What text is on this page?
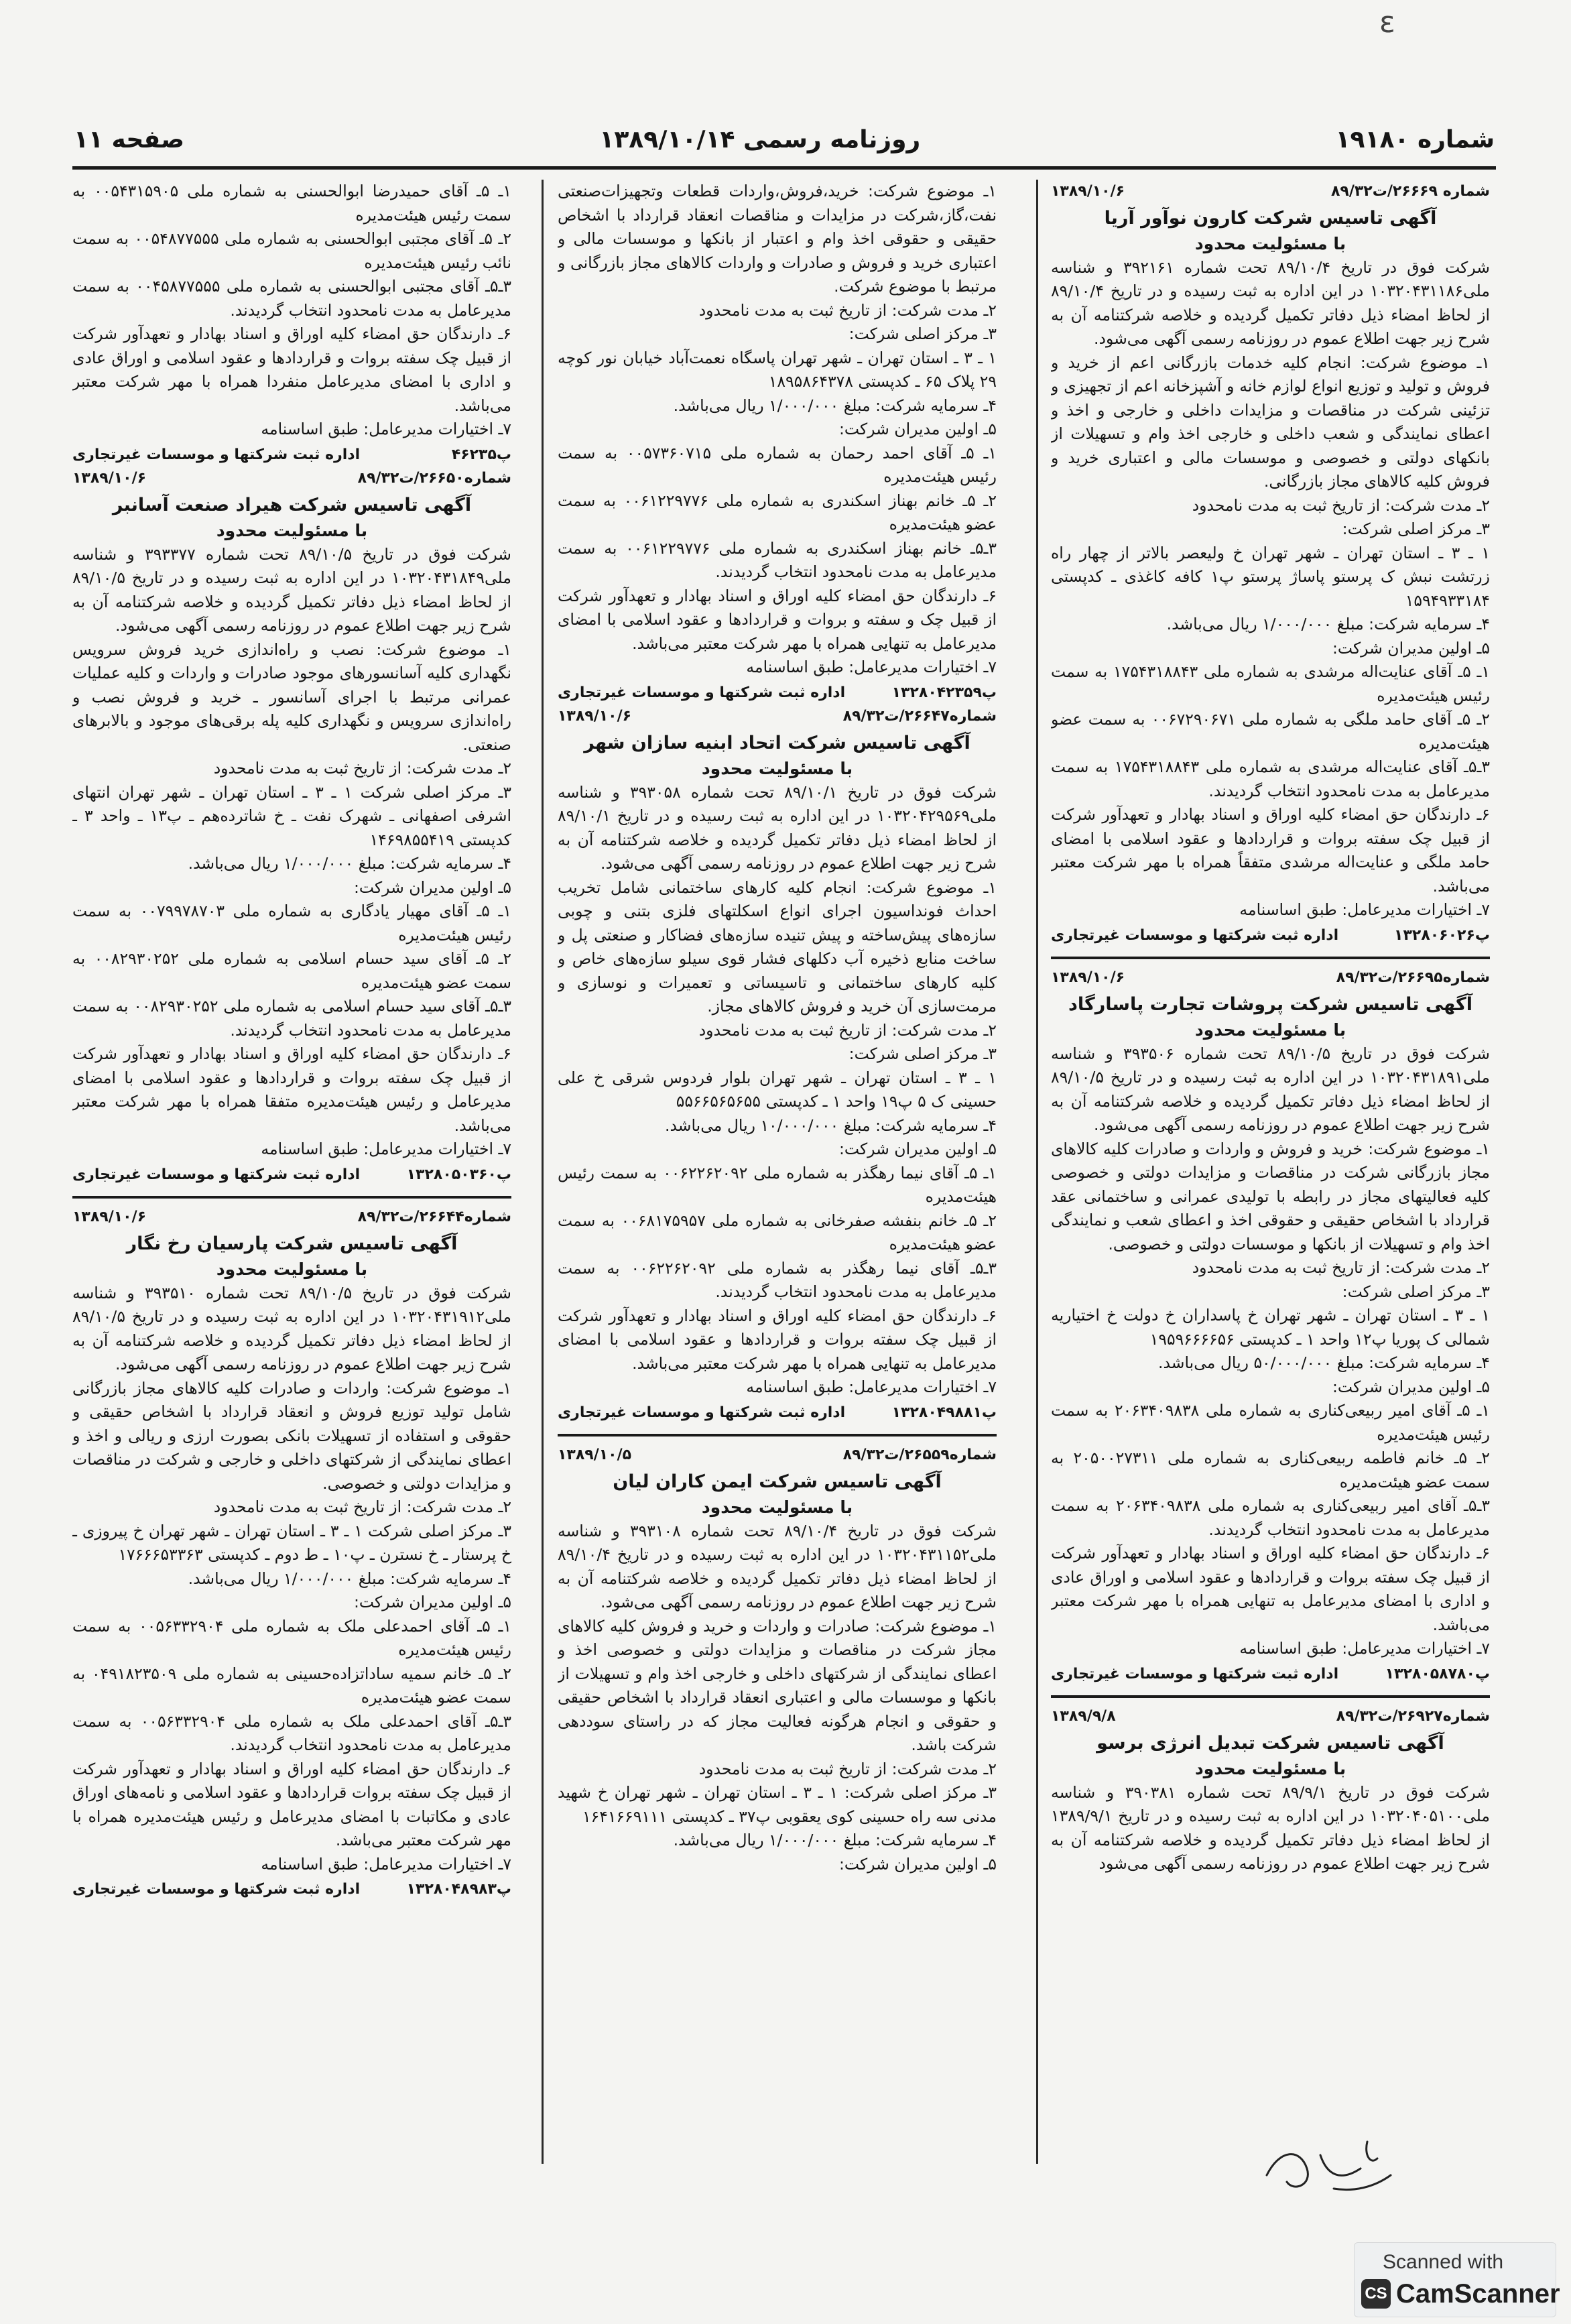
ε
شماره ۱۹۱۸۰
روزنامه رسمی ۱۳۸۹/۱۰/۱۴
صفحه ۱۱
شماره ۲۶۶۶۹/ت۸۹/۳۲
۱۳۸۹/۱۰/۶
آگهی تاسیس شرکت کارون نوآور آریا
با مسئولیت محدود

شرکت فوق در تاریخ ۸۹/۱۰/۴ تحت شماره ۳۹۲۱۶۱ و شناسه ملی۱۰۳۲۰۴۳۱۱۸۶ در این اداره به ثبت رسیده و در تاریخ ۸۹/۱۰/۴ از لحاظ امضاء ذیل دفاتر تکمیل گردیده و خلاصه شرکتنامه آن به شرح زیر جهت اطلاع عموم در روزنامه رسمی آگهی می‌شود.

۱ـ موضوع شرکت: انجام کلیه خدمات بازرگانی اعم از خرید و فروش و تولید و توزیع انواع لوازم خانه و آشپزخانه اعم از تجهیزی و تزئینی شرکت در مناقصات و مزایدات داخلی و خارجی و اخذ و اعطای نمایندگی و شعب داخلی و خارجی اخذ وام و تسهیلات از بانکهای دولتی و خصوصی و موسسات مالی و اعتباری خرید و فروش کلیه کالاهای مجاز بازرگانی.

۲ـ مدت شرکت: از تاریخ ثبت به مدت نامحدود

۳ـ مرکز اصلی شرکت:

۱ ـ ۳ ـ استان تهران ـ شهر تهران خ ولیعصر بالاتر از چهار راه زرتشت نبش ک پرستو پاساژ پرستو پ۱ کافه کاغذی ـ کدپستی ۱۵۹۴۹۳۳۱۸۴

۴ـ سرمایه شرکت: مبلغ ۱/۰۰۰/۰۰۰ ریال می‌باشد.

۵ـ اولین مدیران شرکت:

۱ـ ۵ـ آقای عنایت‌اله مرشدی به شماره ملی ۱۷۵۴۳۱۸۸۴۳ به سمت رئیس هیئت‌مدیره

۲ـ ۵ـ آقای حامد ملگی به شماره ملی ۰۰۶۷۲۹۰۶۷۱ به سمت عضو هیئت‌مدیره

۳ـ۵ـ آقای عنایت‌اله مرشدی به شماره ملی ۱۷۵۴۳۱۸۸۴۳ به سمت مدیرعامل به مدت نامحدود انتخاب گردیدند.

۶ـ دارندگان حق امضاء کلیه اوراق و اسناد بهادار و تعهدآور شرکت از قبیل چک سفته بروات و قراردادها و عقود اسلامی با امضای حامد ملگی و عنایت‌اله مرشدی متفقاً همراه با مهر شرکت معتبر می‌باشد.

۷ـ اختیارات مدیرعامل: طبق اساسنامه

پ۱۳۲۸۰۶۰۲۶
اداره ثبت شرکتها و موسسات غیرتجاری
شماره۲۶۶۹۵/ت۸۹/۳۲
۱۳۸۹/۱۰/۶
آگهی تاسیس شرکت پروشات تجارت پاسارگاد
با مسئولیت محدود

شرکت فوق در تاریخ ۸۹/۱۰/۵ تحت شماره ۳۹۳۵۰۶ و شناسه ملی۱۰۳۲۰۴۳۱۸۹۱ در این اداره به ثبت رسیده و در تاریخ ۸۹/۱۰/۵ از لحاظ امضاء ذیل دفاتر تکمیل گردیده و خلاصه شرکتنامه آن به شرح زیر جهت اطلاع عموم در روزنامه رسمی آگهی می‌شود.

۱ـ موضوع شرکت: خرید و فروش و واردات و صادرات کلیه کالاهای مجاز بازرگانی شرکت در مناقصات و مزایدات دولتی و خصوصی کلیه فعالیتهای مجاز در رابطه با تولیدی عمرانی و ساختمانی عقد قرارداد با اشخاص حقیقی و حقوقی اخذ و اعطای شعب و نمایندگی اخذ وام و تسهیلات از بانکها و موسسات دولتی و خصوصی.

۲ـ مدت شرکت: از تاریخ ثبت به مدت نامحدود

۳ـ مرکز اصلی شرکت:

۱ ـ ۳ ـ استان تهران ـ شهر تهران خ پاسداران خ دولت خ اختیاریه شمالی ک پوریا پ۱۲ واحد ۱ ـ کدپستی ۱۹۵۹۶۶۶۶۵۶

۴ـ سرمایه شرکت: مبلغ ۵۰/۰۰۰/۰۰۰ ریال می‌باشد.

۵ـ اولین مدیران شرکت:

۱ـ ۵ـ آقای امیر ربیعی‌کناری به شماره ملی ۲۰۶۳۴۰۹۸۳۸ به سمت رئیس هیئت‌مدیره

۲ـ ۵ـ خانم فاطمه ربیعی‌کناری به شماره ملی ۲۰۵۰۰۲۷۳۱۱ به سمت عضو هیئت‌مدیره

۳ـ۵ـ آقای امیر ربیعی‌کناری به شماره ملی ۲۰۶۳۴۰۹۸۳۸ به سمت مدیرعامل به مدت نامحدود انتخاب گردیدند.

۶ـ دارندگان حق امضاء کلیه اوراق و اسناد بهادار و تعهدآور شرکت از قبیل چک سفته بروات و قراردادها و عقود اسلامی و اوراق عادی و اداری با امضای مدیرعامل به تنهایی همراه با مهر شرکت معتبر می‌باشد.

۷ـ اختیارات مدیرعامل: طبق اساسنامه

پ۱۳۲۸۰۵۸۷۸۰
اداره ثبت شرکتها و موسسات غیرتجاری
شماره۲۶۹۲۷/ت۸۹/۳۲
۱۳۸۹/۹/۸
آگهی تاسیس شرکت تبدیل انرژی برسو
با مسئولیت محدود

شرکت فوق در تاریخ ۸۹/۹/۱ تحت شماره ۳۹۰۳۸۱ و شناسه ملی۱۰۳۲۰۴۰۵۱۰۰ در این اداره به ثبت رسیده و در تاریخ ۱۳۸۹/۹/۱ از لحاظ امضاء ذیل دفاتر تکمیل گردیده و خلاصه شرکتنامه آن به شرح زیر جهت اطلاع عموم در روزنامه رسمی آگهی می‌شود

۱ـ موضوع شرکت: خرید،فروش،واردات قطعات وتجهیزات‌صنعتی نفت،گاز،شرکت در مزایدات و مناقصات انعقاد قرارداد با اشخاص حقیقی و حقوقی اخذ وام و اعتبار از بانکها و موسسات مالی و اعتباری خرید و فروش و صادرات و واردات کالاهای مجاز بازرگانی و مرتبط با موضوع شرکت.

۲ـ مدت شرکت: از تاریخ ثبت به مدت نامحدود

۳ـ مرکز اصلی شرکت:

۱ ـ ۳ ـ استان تهران ـ شهر تهران پاسگاه نعمت‌آباد خیابان نور کوچه ۲۹ پلاک ۶۵ ـ کدپستی ۱۸۹۵۸۶۴۳۷۸

۴ـ سرمایه شرکت: مبلغ ۱/۰۰۰/۰۰۰ ریال می‌باشد.

۵ـ اولین مدیران شرکت:

۱ـ ۵ـ آقای احمد رحمان به شماره ملی ۰۰۵۷۳۶۰۷۱۵ به سمت رئیس هیئت‌مدیره

۲ـ ۵ـ خانم بهناز اسکندری به شماره ملی ۰۰۶۱۲۲۹۷۷۶ به سمت عضو هیئت‌مدیره

۳ـ۵ـ خانم بهناز اسکندری به شماره ملی ۰۰۶۱۲۲۹۷۷۶ به سمت مدیرعامل به مدت نامحدود انتخاب گردیدند.

۶ـ دارندگان حق امضاء کلیه اوراق و اسناد بهادار و تعهدآور شرکت از قبیل چک و سفته و بروات و قراردادها و عقود اسلامی با امضای مدیرعامل به تنهایی همراه با مهر شرکت معتبر می‌باشد.

۷ـ اختیارات مدیرعامل: طبق اساسنامه

پ۱۳۲۸۰۴۲۳۵۹
اداره ثبت شرکتها و موسسات غیرتجاری
شماره۲۶۶۴۷/ت۸۹/۳۲
۱۳۸۹/۱۰/۶
آگهی تاسیس شرکت اتحاد ابنیه سازان شهر
با مسئولیت محدود

شرکت فوق در تاریخ ۸۹/۱۰/۱ تحت شماره ۳۹۳۰۵۸ و شناسه ملی۱۰۳۲۰۴۲۹۵۶۹ در این اداره به ثبت رسیده و در تاریخ ۸۹/۱۰/۱ از لحاظ امضاء ذیل دفاتر تکمیل گردیده و خلاصه شرکتنامه آن به شرح زیر جهت اطلاع عموم در روزنامه رسمی آگهی می‌شود.

۱ـ موضوع شرکت: انجام کلیه کارهای ساختمانی شامل تخریب احداث فونداسیون اجرای انواع اسکلتهای فلزی بتنی و چوبی سازه‌های پیش‌ساخته و پیش تنیده سازه‌های فضاکار و صنعتی پل و ساخت منابع ذخیره آب دکلهای فشار قوی سیلو سازه‌های خاص و کلیه کارهای ساختمانی و تاسیساتی و تعمیرات و نوسازی و مرمت‌سازی آن خرید و فروش کالاهای مجاز.

۲ـ مدت شرکت: از تاریخ ثبت به مدت نامحدود

۳ـ مرکز اصلی شرکت:

۱ ـ ۳ ـ استان تهران ـ شهر تهران بلوار فردوس شرقی خ علی حسینی ک ۵ پ۱۹ واحد ۱ ـ کدپستی ۵۵۶۶۵۶۵۶۵۵

۴ـ سرمایه شرکت: مبلغ ۱۰/۰۰۰/۰۰۰ ریال می‌باشد.

۵ـ اولین مدیران شرکت:

۱ـ ۵ـ آقای نیما رهگذر به شماره ملی ۰۰۶۲۲۶۲۰۹۲ به سمت رئیس هیئت‌مدیره

۲ـ ۵ـ خانم بنفشه صفرخانی به شماره ملی ۰۰۶۸۱۷۵۹۵۷ به سمت عضو هیئت‌مدیره

۳ـ۵ـ آقای نیما رهگذر به شماره ملی ۰۰۶۲۲۶۲۰۹۲ به سمت مدیرعامل به مدت نامحدود انتخاب گردیدند.

۶ـ دارندگان حق امضاء کلیه اوراق و اسناد بهادار و تعهدآور شرکت از قبیل چک سفته بروات و قراردادها و عقود اسلامی با امضای مدیرعامل به تنهایی همراه با مهر شرکت معتبر می‌باشد.

۷ـ اختیارات مدیرعامل: طبق اساسنامه

پ۱۳۲۸۰۴۹۸۸۱
اداره ثبت شرکتها و موسسات غیرتجاری
شماره۲۶۵۵۹/ت۸۹/۳۲
۱۳۸۹/۱۰/۵
آگهی تاسیس شرکت ایمن کاران لیان
با مسئولیت محدود

شرکت فوق در تاریخ ۸۹/۱۰/۴ تحت شماره ۳۹۳۱۰۸ و شناسه ملی۱۰۳۲۰۴۳۱۱۵۲ در این اداره به ثبت رسیده و در تاریخ ۸۹/۱۰/۴ از لحاظ امضاء ذیل دفاتر تکمیل گردیده و خلاصه شرکتنامه آن به شرح زیر جهت اطلاع عموم در روزنامه رسمی آگهی می‌شود.

۱ـ موضوع شرکت: صادرات و واردات و خرید و فروش کلیه کالاهای مجاز شرکت در مناقصات و مزایدات دولتی و خصوصی اخذ و اعطای نمایندگی از شرکتهای داخلی و خارجی اخذ وام و تسهیلات از بانکها و موسسات مالی و اعتباری انعقاد قرارداد با اشخاص حقیقی و حقوقی و انجام هرگونه فعالیت مجاز که در راستای سوددهی شرکت باشد.

۲ـ مدت شرکت: از تاریخ ثبت به مدت نامحدود

۳ـ مرکز اصلی شرکت: ۱ ـ ۳ ـ استان تهران ـ شهر تهران خ شهید مدنی سه راه حسینی کوی یعقوبی پ۳۷ ـ کدپستی ۱۶۴۱۶۶۹۱۱۱

۴ـ سرمایه شرکت: مبلغ ۱/۰۰۰/۰۰۰ ریال می‌باشد.

۵ـ اولین مدیران شرکت:

۱ـ ۵ـ آقای حمیدرضا ابوالحسنی به شماره ملی ۰۰۵۴۳۱۵۹۰۵ به سمت رئیس هیئت‌مدیره

۲ـ ۵ـ آقای مجتبی ابوالحسنی به شماره ملی ۰۰۵۴۸۷۷۵۵۵ به سمت نائب رئیس هیئت‌مدیره

۳ـ۵ـ آقای مجتبی ابوالحسنی به شماره ملی ۰۰۴۵۸۷۷۵۵۵ به سمت مدیرعامل به مدت نامحدود انتخاب گردیدند.

۶ـ دارندگان حق امضاء کلیه اوراق و اسناد بهادار و تعهدآور شرکت از قبیل چک سفته بروات و قراردادها و عقود اسلامی و اوراق عادی و اداری با امضای مدیرعامل منفردا همراه با مهر شرکت معتبر می‌باشد.

۷ـ اختیارات مدیرعامل: طبق اساسنامه

پ۴۶۲۳۵
اداره ثبت شرکتها و موسسات غیرتجاری
شماره۲۶۶۵۰/ت۸۹/۳۲
۱۳۸۹/۱۰/۶
آگهی تاسیس شرکت هیراد صنعت آسانبر
با مسئولیت محدود

شرکت فوق در تاریخ ۸۹/۱۰/۵ تحت شماره ۳۹۳۳۷۷ و شناسه ملی۱۰۳۲۰۴۳۱۸۴۹ در این اداره به ثبت رسیده و در تاریخ ۸۹/۱۰/۵ از لحاظ امضاء ذیل دفاتر تکمیل گردیده و خلاصه شرکتنامه آن به شرح زیر جهت اطلاع عموم در روزنامه رسمی آگهی می‌شود.

۱ـ موضوع شرکت: نصب و راه‌اندازی خرید فروش سرویس نگهداری کلیه آسانسورهای موجود صادرات و واردات و کلیه عملیات عمرانی مرتبط با اجرای آسانسور ـ خرید و فروش نصب و راه‌اندازی سرویس و نگهداری کلیه پله برقی‌های موجود و بالابرهای صنعتی.

۲ـ مدت شرکت: از تاریخ ثبت به مدت نامحدود

۳ـ مرکز اصلی شرکت ۱ ـ ۳ ـ استان تهران ـ شهر تهران انتهای اشرفی اصفهانی ـ شهرک نفت ـ خ شاترده‌هم ـ پ۱۳ ـ واحد ۳ ـ کدپستی ۱۴۶۹۸۵۵۴۱۹

۴ـ سرمایه شرکت: مبلغ ۱/۰۰۰/۰۰۰ ریال می‌باشد.

۵ـ اولین مدیران شرکت:

۱ـ ۵ـ آقای مهیار یادگاری به شماره ملی ۰۰۷۹۹۷۸۷۰۳ به سمت رئیس هیئت‌مدیره

۲ـ ۵ـ آقای سید حسام اسلامی به شماره ملی ۰۰۸۲۹۳۰۲۵۲ به سمت عضو هیئت‌مدیره

۳ـ۵ـ آقای سید حسام اسلامی به شماره ملی ۰۰۸۲۹۳۰۲۵۲ به سمت مدیرعامل به مدت نامحدود انتخاب گردیدند.

۶ـ دارندگان حق امضاء کلیه اوراق و اسناد بهادار و تعهدآور شرکت از قبیل چک سفته بروات و قراردادها و عقود اسلامی با امضای مدیرعامل و رئیس هیئت‌مدیره متفقا همراه با مهر شرکت معتبر می‌باشد.

۷ـ اختیارات مدیرعامل: طبق اساسنامه

پ۱۳۲۸۰۵۰۳۶۰
اداره ثبت شرکتها و موسسات غیرتجاری
شماره۲۶۶۴۴/ت۸۹/۳۲
۱۳۸۹/۱۰/۶
آگهی تاسیس شرکت پارسیان رخ نگار
با مسئولیت محدود

شرکت فوق در تاریخ ۸۹/۱۰/۵ تحت شماره ۳۹۳۵۱۰ و شناسه ملی۱۰۳۲۰۴۳۱۹۱۲ در این اداره به ثبت رسیده و در تاریخ ۸۹/۱۰/۵ از لحاظ امضاء ذیل دفاتر تکمیل گردیده و خلاصه شرکتنامه آن به شرح زیر جهت اطلاع عموم در روزنامه رسمی آگهی می‌شود.

۱ـ موضوع شرکت: واردات و صادرات کلیه کالاهای مجاز بازرگانی شامل تولید توزیع فروش و انعقاد قرارداد با اشخاص حقیقی و حقوقی و استفاده از تسهیلات بانکی بصورت ارزی و ریالی و اخذ و اعطای نمایندگی از شرکتهای داخلی و خارجی و شرکت در مناقصات و مزایدات دولتی و خصوصی.

۲ـ مدت شرکت: از تاریخ ثبت به مدت نامحدود

۳ـ مرکز اصلی شرکت ۱ ـ ۳ ـ استان تهران ـ شهر تهران خ پیروزی ـ خ پرستار ـ خ نسترن ـ پ۱۰ ـ ط دوم ـ کدپستی ۱۷۶۶۶۵۳۳۶۳

۴ـ سرمایه شرکت: مبلغ ۱/۰۰۰/۰۰۰ ریال می‌باشد.

۵ـ اولین مدیران شرکت:

۱ـ ۵ـ آقای احمدعلی ملک به شماره ملی ۰۰۵۶۳۳۲۹۰۴ به سمت رئیس هیئت‌مدیره

۲ـ ۵ـ خانم سمیه ساداتزاده‌حسینی به شماره ملی ۰۴۹۱۸۲۳۵۰۹ به سمت عضو هیئت‌مدیره

۳ـ۵ـ آقای احمدعلی ملک به شماره ملی ۰۰۵۶۳۳۲۹۰۴ به سمت مدیرعامل به مدت نامحدود انتخاب گردیدند.

۶ـ دارندگان حق امضاء کلیه اوراق و اسناد بهادار و تعهدآور شرکت از قبیل چک سفته بروات قراردادها و عقود اسلامی و نامه‌های اوراق عادی و مکاتبات با امضای مدیرعامل و رئیس هیئت‌مدیره همراه با مهر شرکت معتبر می‌باشد.

۷ـ اختیارات مدیرعامل: طبق اساسنامه

پ۱۳۲۸۰۴۸۹۸۳
اداره ثبت شرکتها و موسسات غیرتجاری
Scanned with
CS CamScanner
